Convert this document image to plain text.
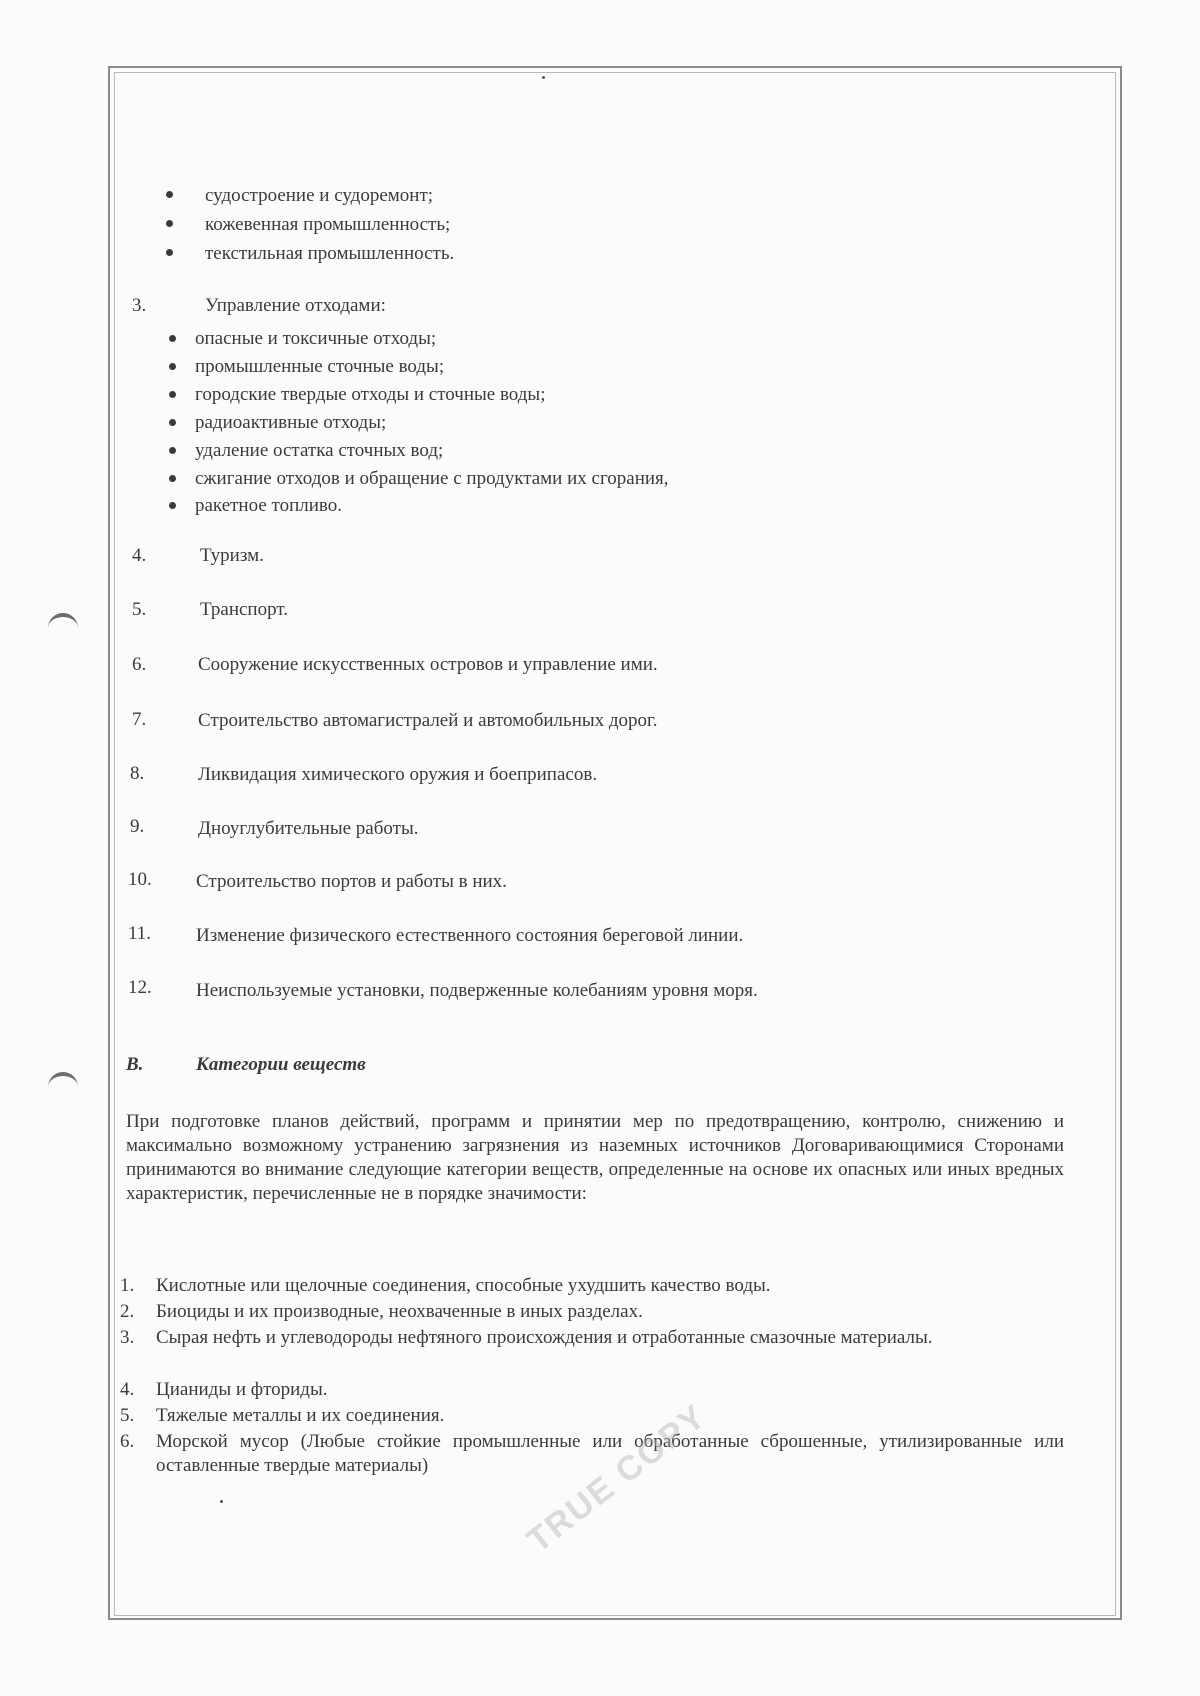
судостроение и судоремонт;
кожевенная промышленность;
текстильная промышленность.
3.	Управление отходами:
опасные и токсичные отходы;
промышленные сточные воды;
городские твердые отходы и сточные воды;
радиоактивные отходы;
удаление остатка сточных вод;
сжигание отходов и обращение с продуктами их сгорания,
ракетное топливо.
4.	Туризм.
5.	Транспорт.
6.	Сооружение искусственных островов и управление ими.
7.	Строительство автомагистралей и автомобильных дорог.
8.	Ликвидация химического оружия и боеприпасов.
9.	Дноуглубительные работы.
10. Строительство портов и работы в них.
11. Изменение физического естественного состояния береговой линии.
12. Неиспользуемые установки, подверженные колебаниям уровня моря.
B.	Категории веществ
При подготовке планов действий, программ и принятии мер по предотвращению, контролю, снижению и максимально возможному устранению загрязнения из наземных источников Договаривающимися Сторонами принимаются во внимание следующие категории веществ, определенные на основе их опасных или иных вредных характеристик, перечисленные не в порядке значимости:
1.	Кислотные или щелочные соединения, способные ухудшить качество воды.
2.	Биоциды и их производные, неохваченные в иных разделах.
3.	Сырая нефть и углеводороды нефтяного происхождения и отработанные смазочные материалы.
4.	Цианиды и фториды.
5.	Тяжелые металлы и их соединения.
6.	Морской мусор (Любые стойкие промышленные или обработанные сброшенные, утилизированные или оставленные твердые материалы)	TRUE COPY
